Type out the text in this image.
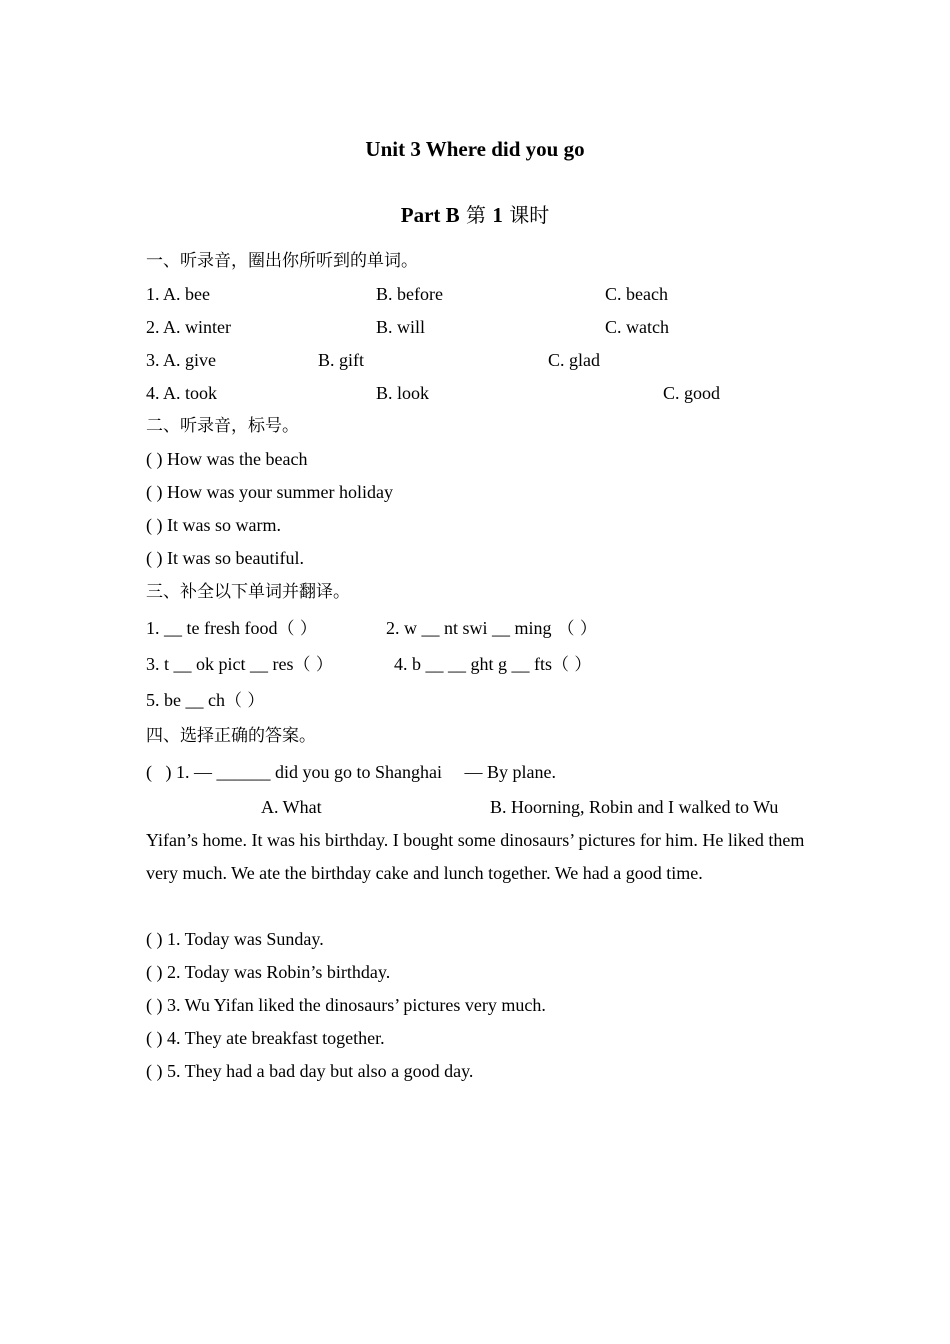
Unit 3 Where did you go
Part B 第 1 课时
一、听录音，圈出你所听到的单词。
1. A. bee	B. before	C. beach
2. A. winter	B. will	C. watch
3. A. give	B. gift	C. glad
4. A. took	B. look	C. good
二、听录音，标号。
( ) How was the beach
( ) How was your summer holiday
( ) It was so warm.
( ) It was so beautiful.
三、补全以下单词并翻译。
1. __ te fresh food（ ）	2. w __ nt swi __ ming （ ）
3. t __ ok pict __ res（ ）	4. b __ __ ght g __ fts（ ）
5. be __ ch（ ）
四、选择正确的答案。
(   ) 1. — ______ did you go to Shanghai     — By plane.
A. What	B. Hoorning, Robin and I walked to Wu
Yifan’s home. It was his birthday. I bought some dinosaurs’ pictures for him. He liked them very much. We ate the birthday cake and lunch together. We had a good time.
( ) 1. Today was Sunday.
( ) 2. Today was Robin’s birthday.
( ) 3. Wu Yifan liked the dinosaurs’ pictures very much.
( ) 4. They ate breakfast together.
( ) 5. They had a bad day but also a good day.
